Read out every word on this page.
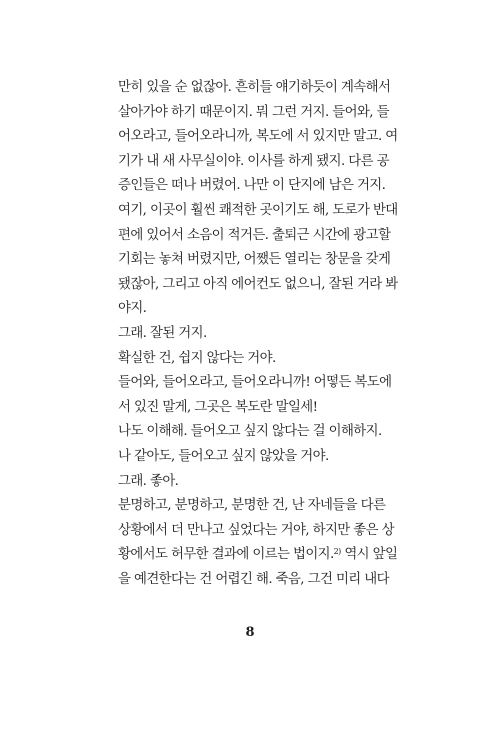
만히 있을 순 없잖아. 흔히들 얘기하듯이 계속해서
살아가야 하기 때문이지. 뭐 그런 거지. 들어와, 들
어오라고, 들어오라니까, 복도에 서 있지만 말고. 여
기가 내 새 사무실이야. 이사를 하게 됐지. 다른 공
증인들은 떠나 버렸어. 나만 이 단지에 남은 거지.
여기, 이곳이 훨씬 쾌적한 곳이기도 해, 도로가 반대
편에 있어서 소음이 적거든. 출퇴근 시간에 광고할
기회는 놓쳐 버렸지만, 어쨌든 열리는 창문을 갖게
됐잖아, 그리고 아직 에어컨도 없으니, 잘된 거라 봐
야지.
그래. 잘된 거지.
확실한 건, 쉽지 않다는 거야.
들어와, 들어오라고, 들어오라니까! 어떻든 복도에
서 있진 말게, 그곳은 복도란 말일세!
나도 이해해. 들어오고 싶지 않다는 걸 이해하지.
나 같아도, 들어오고 싶지 않았을 거야.
그래. 좋아.
분명하고, 분명하고, 분명한 건, 난 자네들을 다른
상황에서 더 만나고 싶었다는 거야, 하지만 좋은 상
황에서도 허무한 결과에 이르는 법이지.$^{2)}$ 역시 앞일
을 예견한다는 건 어렵긴 해. 죽음, 그건 미리 내다
8
